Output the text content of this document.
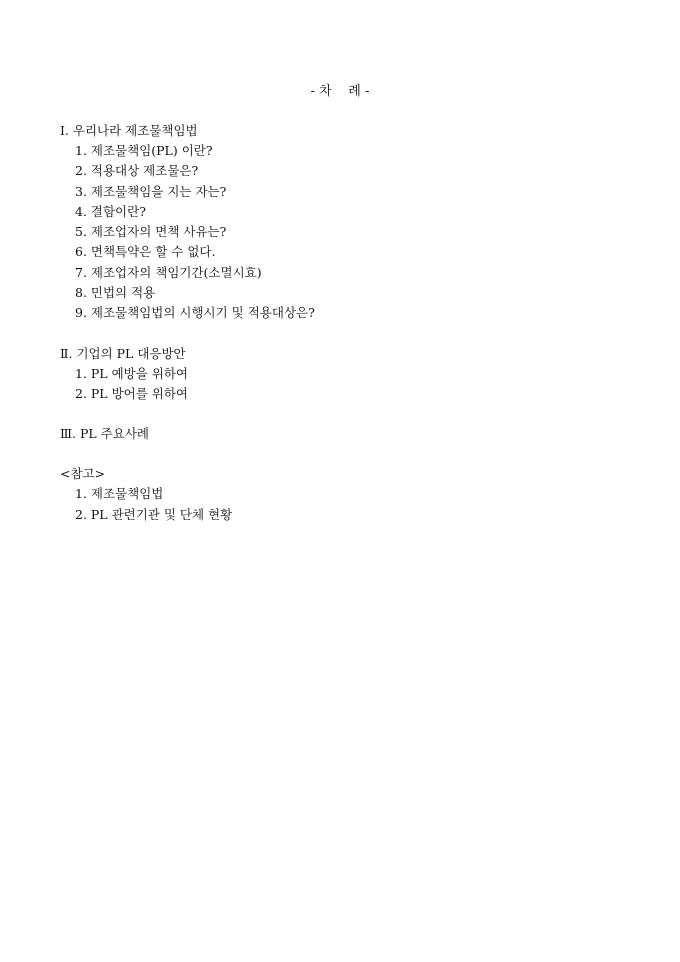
- 차    례 -
Ⅰ. 우리나라 제조물책임법
1. 제조물책임(PL) 이란?
2. 적용대상 제조물은?
3. 제조물책임을 지는 자는?
4. 결함이란?
5. 제조업자의 면책 사유는?
6. 면책특약은 할 수 없다.
7. 제조업자의 책임기간(소멸시효)
8. 민법의 적용
9. 제조물책임법의 시행시기 및 적용대상은?
Ⅱ. 기업의 PL 대응방안
1. PL 예방을 위하여
2. PL 방어를 위하여
Ⅲ. PL 주요사례
<참고>
1. 제조물책임법
2. PL 관련기관 및 단체 현황
